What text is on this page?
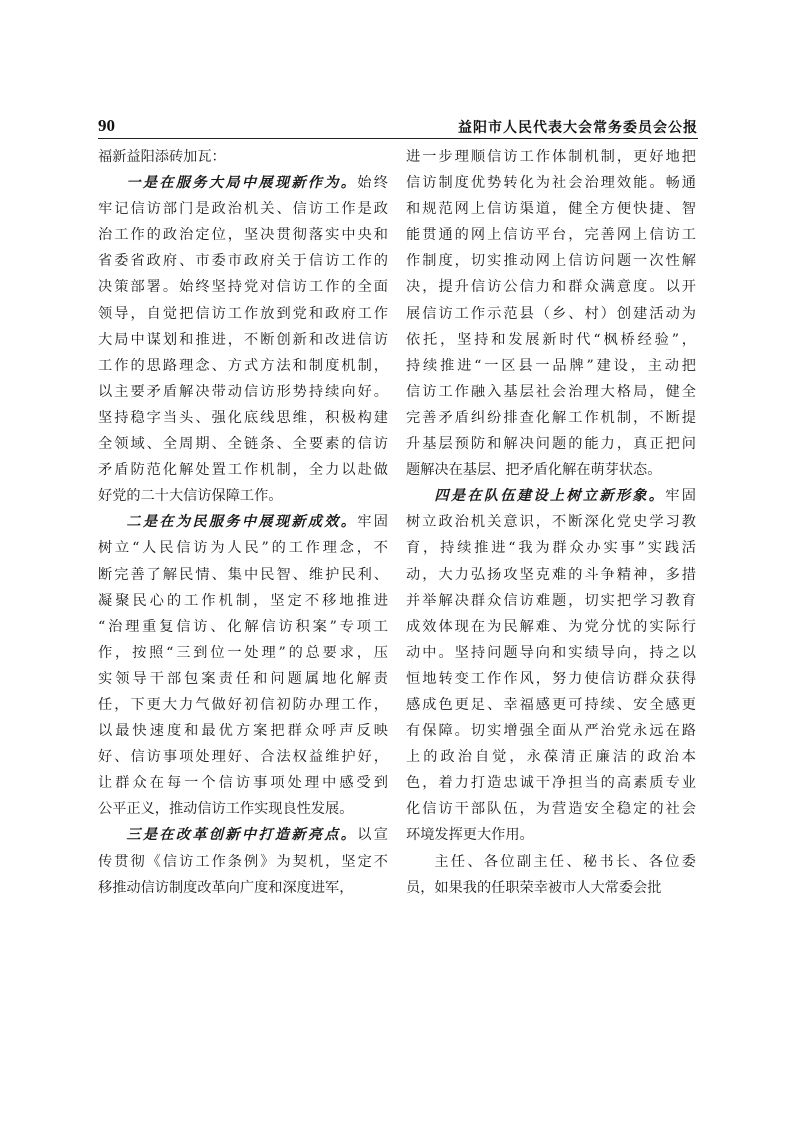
90	益阳市人民代表大会常务委员会公报

福新益阳添砖加瓦：

一是在服务大局中展现新作为。始终
牢记信访部门是政治机关、信访工作是政
治工作的政治定位，坚决贯彻落实中央和
省委省政府、市委市政府关于信访工作的
决策部署。始终坚持党对信访工作的全面
领导，自觉把信访工作放到党和政府工作
大局中谋划和推进，不断创新和改进信访
工作的思路理念、方式方法和制度机制，
以主要矛盾解决带动信访形势持续向好。
坚持稳字当头、强化底线思维，积极构建
全领域、全周期、全链条、全要素的信访
矛盾防范化解处置工作机制，全力以赴做
好党的二十大信访保障工作。

二是在为民服务中展现新成效。牢固
树立“人民信访为人民”的工作理念，不
断完善了解民情、集中民智、维护民利、
凝聚民心的工作机制，坚定不移地推进
“治理重复信访、化解信访积案”专项工
作，按照“三到位一处理”的总要求，压
实领导干部包案责任和问题属地化解责
任，下更大力气做好初信初防办理工作，
以最快速度和最优方案把群众呼声反映
好、信访事项处理好、合法权益维护好，
让群众在每一个信访事项处理中感受到
公平正义，推动信访工作实现良性发展。

三是在改革创新中打造新亮点。以宣
传贯彻《信访工作条例》为契机，坚定不
移推动信访制度改革向广度和深度进军，

进一步理顺信访工作体制机制，更好地把
信访制度优势转化为社会治理效能。畅通
和规范网上信访渠道，健全方便快捷、智
能贯通的网上信访平台，完善网上信访工
作制度，切实推动网上信访问题一次性解
决，提升信访公信力和群众满意度。以开
展信访工作示范县（乡、村）创建活动为
依托，坚持和发展新时代“枫桥经验”，
持续推进“一区县一品牌”建设，主动把
信访工作融入基层社会治理大格局，健全
完善矛盾纠纷排查化解工作机制，不断提
升基层预防和解决问题的能力，真正把问
题解决在基层、把矛盾化解在萌芽状态。

四是在队伍建设上树立新形象。牢固
树立政治机关意识，不断深化党史学习教
育，持续推进“我为群众办实事”实践活
动，大力弘扬攻坚克难的斗争精神，多措
并举解决群众信访难题，切实把学习教育
成效体现在为民解难、为党分忧的实际行
动中。坚持问题导向和实绩导向，持之以
恒地转变工作作风，努力使信访群众获得
感成色更足、幸福感更可持续、安全感更
有保障。切实增强全面从严治党永远在路
上的政治自觉，永葆清正廉洁的政治本
色，着力打造忠诚干净担当的高素质专业
化信访干部队伍，为营造安全稳定的社会
环境发挥更大作用。

主任、各位副主任、秘书长、各位委
员，如果我的任职荣幸被市人大常委会批
